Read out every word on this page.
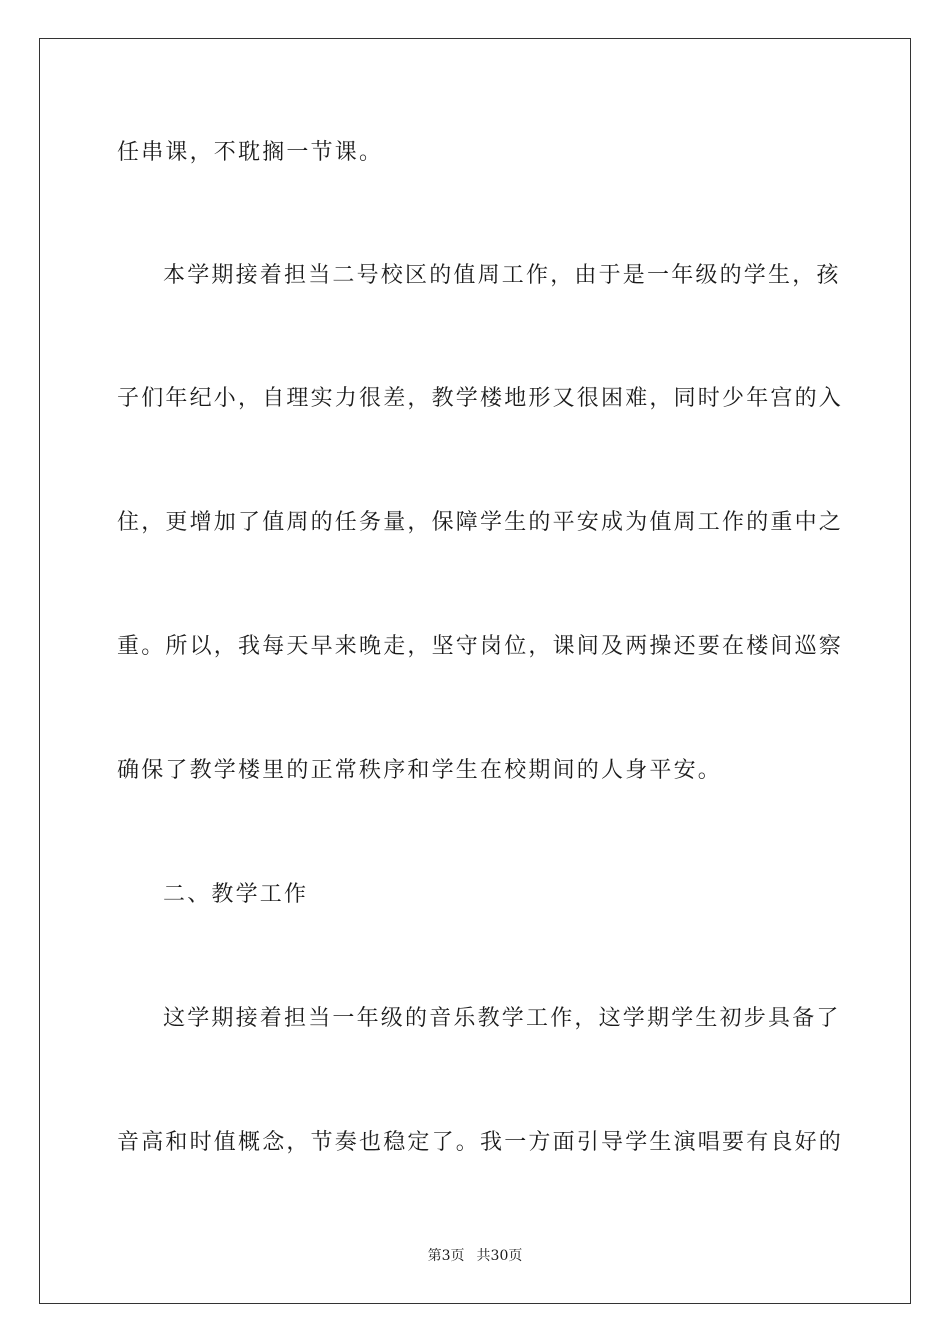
任串课，不耽搁一节课。
本学期接着担当二号校区的值周工作，由于是一年级的学生，孩
子们年纪小，自理实力很差，教学楼地形又很困难，同时少年宫的入
住，更增加了值周的任务量，保障学生的平安成为值周工作的重中之
重。所以，我每天早来晚走，坚守岗位，课间及两操还要在楼间巡察
确保了教学楼里的正常秩序和学生在校期间的人身平安。
二、教学工作
这学期接着担当一年级的音乐教学工作，这学期学生初步具备了
音高和时值概念，节奏也稳定了。我一方面引导学生演唱要有良好的
第3页 共30页
